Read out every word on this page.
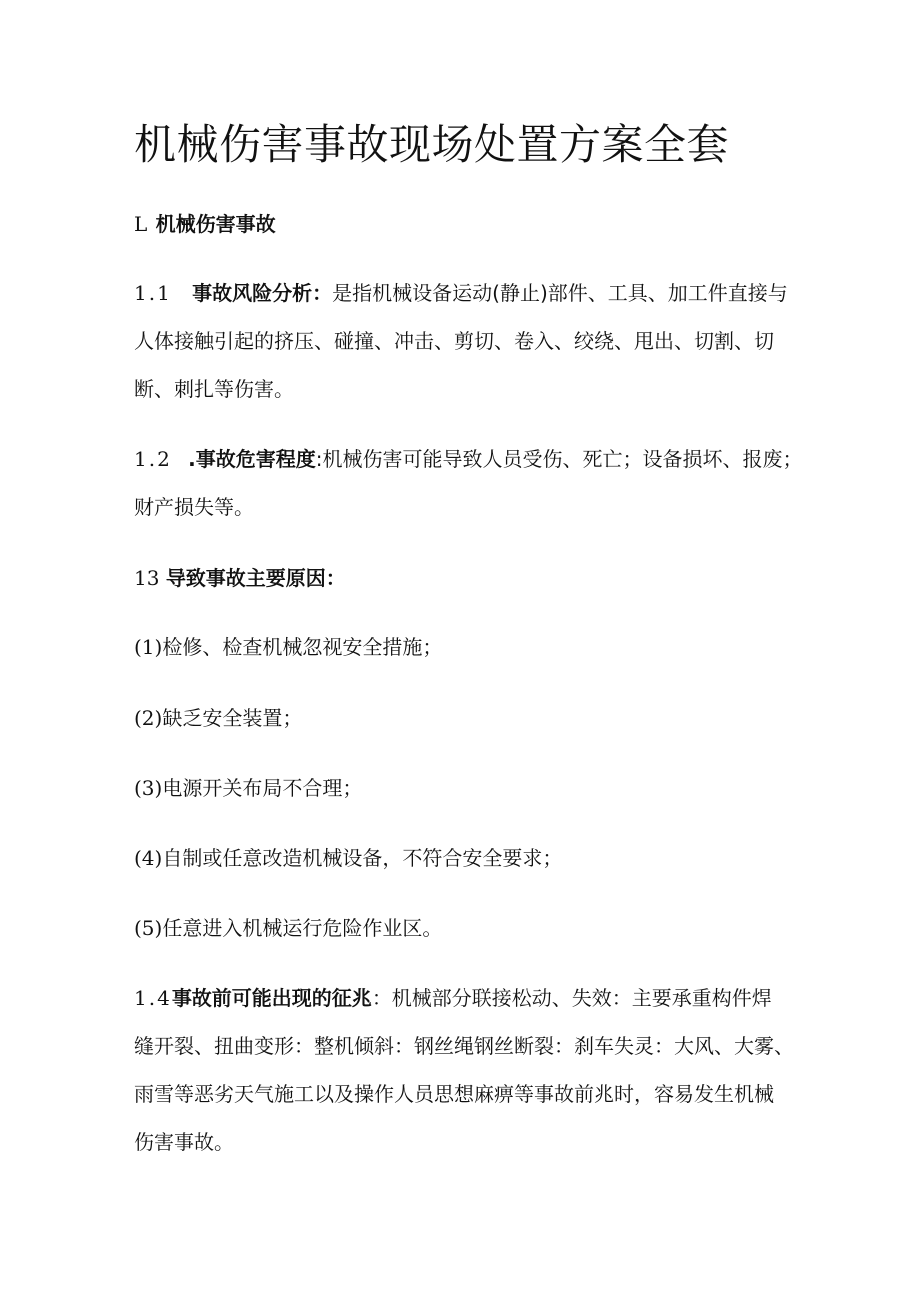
机械伤害事故现场处置方案全套
L 机械伤害事故
1.1 事故风险分析：是指机械设备运动(静止)部件、工具、加工件直接与
人体接触引起的挤压、碰撞、冲击、剪切、卷入、绞绕、甩出、切割、切
断、刺扎等伤害。
1.2 .事故危害程度:机械伤害可能导致人员受伤、死亡；设备损坏、报废；
财产损失等。
13 导致事故主要原因：
(1)检修、检查机械忽视安全措施；
(2)缺乏安全装置；
(3)电源开关布局不合理；
(4)自制或任意改造机械设备，不符合安全要求；
(5)任意进入机械运行危险作业区。
1.4事故前可能出现的征兆：机械部分联接松动、失效：主要承重构件焊
缝开裂、扭曲变形：整机倾斜：钢丝绳钢丝断裂：刹车失灵：大风、大雾、
雨雪等恶劣天气施工以及操作人员思想麻痹等事故前兆时，容易发生机械
伤害事故。
